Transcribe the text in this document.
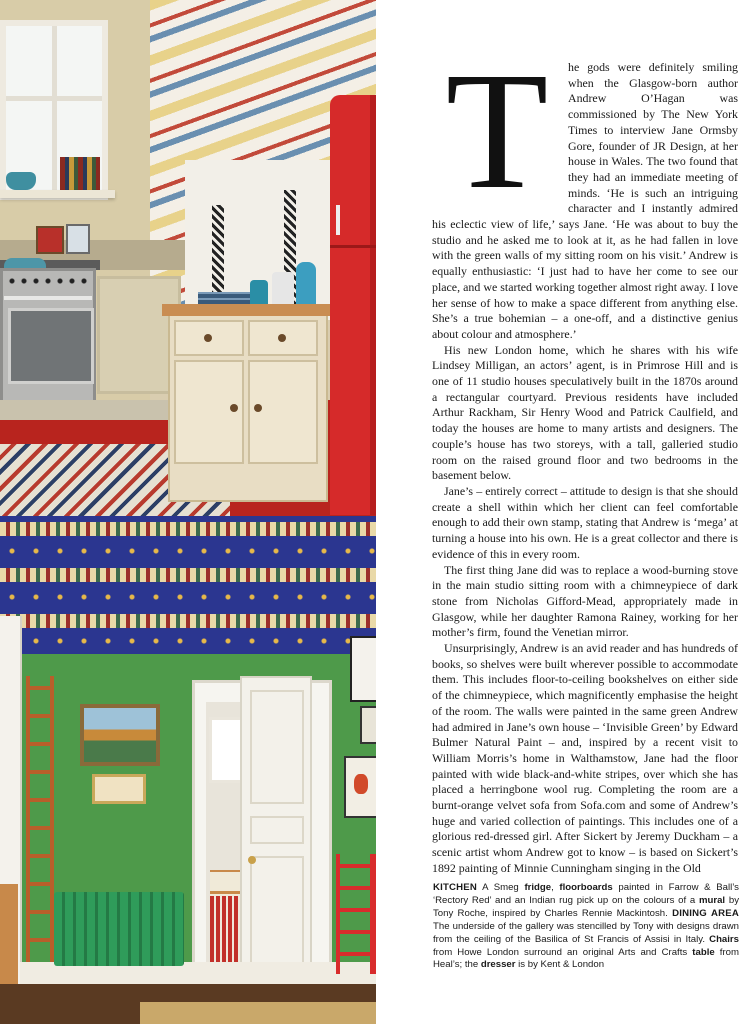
T	he gods were definitely smiling when the Glasgow-born author Andrew O’Hagan was commissioned by The New York Times to interview Jane Ormsby Gore, founder of JR Design, at her house in Wales. The two found that they had an immediate meeting of minds. ‘He is such an intriguing character and I instantly admired his eclectic view of life,’ says Jane. ‘He was about to buy the studio and he asked me to look at it, as he had fallen in love with the green walls of my sitting room on his visit.’ Andrew is equally enthusiastic: ‘I just had to have her come to see our place, and we started working together almost right away. I love her sense of how to make a space different from anything else. She’s a true bohemian – a one-off, and a distinctive genius about colour and atmosphere.’

His new London home, which he shares with his wife Lindsey Milligan, an actors’ agent, is in Primrose Hill and is one of 11 studio houses speculatively built in the 1870s around a rectangular courtyard. Previous residents have included Arthur Rackham, Sir Henry Wood and Patrick Caulfield, and today the houses are home to many artists and designers. The couple’s house has two storeys, with a tall, galleried studio room on the raised ground floor and two bedrooms in the basement below.

Jane’s – entirely correct – attitude to design is that she should create a shell within which her client can feel comfortable enough to add their own stamp, stating that Andrew is ‘mega’ at turning a house into his own. He is a great collector and there is evidence of this in every room.

The first thing Jane did was to replace a wood-burning stove in the main studio sitting room with a chimneypiece of dark stone from Nicholas Gifford-Mead, appropriately made in Glasgow, while her daughter Ramona Rainey, working for her mother’s firm, found the Venetian mirror.

Unsurprisingly, Andrew is an avid reader and has hundreds of books, so shelves were built wherever possible to accommodate them. This includes floor-to-ceiling bookshelves on either side of the chimneypiece, which magnificently emphasise the height of the room. The walls were painted in the same green Andrew had admired in Jane’s own house – ‘Invisible Green’ by Edward Bulmer Natural Paint – and, inspired by a recent visit to William Morris’s home in Walthamstow, Jane had the floor painted with wide black-and-white stripes, over which she has placed a herringbone wool rug. Completing the room are a burnt-orange velvet sofa from Sofa.com and some of Andrew’s huge and varied collection of paintings. This includes one of a glorious red-dressed girl. After Sickert by Jeremy Duckham – a scenic artist whom Andrew got to know – is based on Sickert’s 1892 painting of Minnie Cunningham singing in the Old

KITCHEN A Smeg fridge, floorboards painted in Farrow & Ball’s ‘Rectory Red’ and an Indian rug pick up on the colours of a mural by Tony Roche, inspired by Charles Rennie Mackintosh. DINING AREA The underside of the gallery was stencilled by Tony with designs drawn from the ceiling of the Basilica of St Francis of Assisi in Italy. Chairs from Howe London surround an original Arts and Crafts table from Heal’s; the dresser is by Kent & London
